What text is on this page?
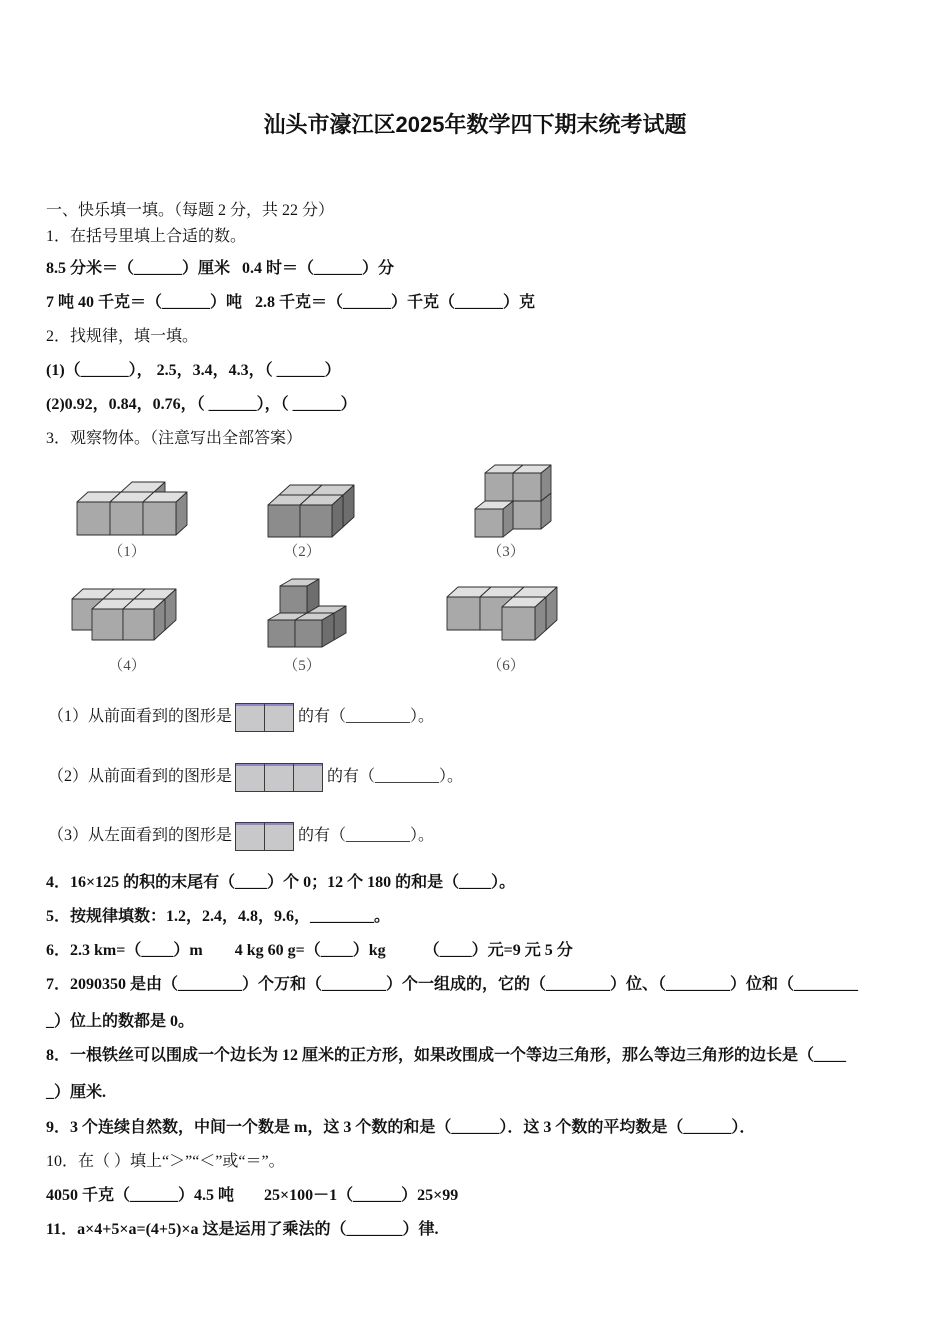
汕头市濠江区2025年数学四下期末统考试题
一、快乐填一填。（每题 2 分，共 22 分）
1．在括号里填上合适的数。
8.5 分米＝（______）厘米 0.4 时＝（______）分
7 吨 40 千克＝（______）吨 2.8 千克＝（______）千克（______）克
2．找规律，填一填。
(1)（______）， 2.5，3.4，4.3，（ ______）
(2)0.92，0.84，0.76，（ ______），（ ______）
3．观察物体。（注意写出全部答案）
（1）	（2）	（3）
（4）	（5）	（6）
（1）从前面看到的图形是	的有（________）。
（2）从前面看到的图形是	的有（________）。
（3）从左面看到的图形是	的有（________）。
4．16×125 的积的末尾有（____）个 0；12 个 180 的和是（____）。
5．按规律填数：1.2，2.4，4.8，9.6，________。
6．2.3 km=（____）m 4 kg 60 g=（____）kg （____）元=9 元 5 分
7．2090350 是由（________）个万和（________）个一组成的，它的（________）位、（________）位和（________
_）位上的数都是 0。
8．一根铁丝可以围成一个边长为 12 厘米的正方形，如果改围成一个等边三角形，那么等边三角形的边长是（____
_）厘米.
9．3 个连续自然数，中间一个数是 m，这 3 个数的和是（______）．这 3 个数的平均数是（______）．
10．在（ ）填上“＞”“＜”或“＝”。
4050 千克（______）4.5 吨 25×100－1（______）25×99
11．a×4+5×a=(4+5)×a 这是运用了乘法的（_______）律.
